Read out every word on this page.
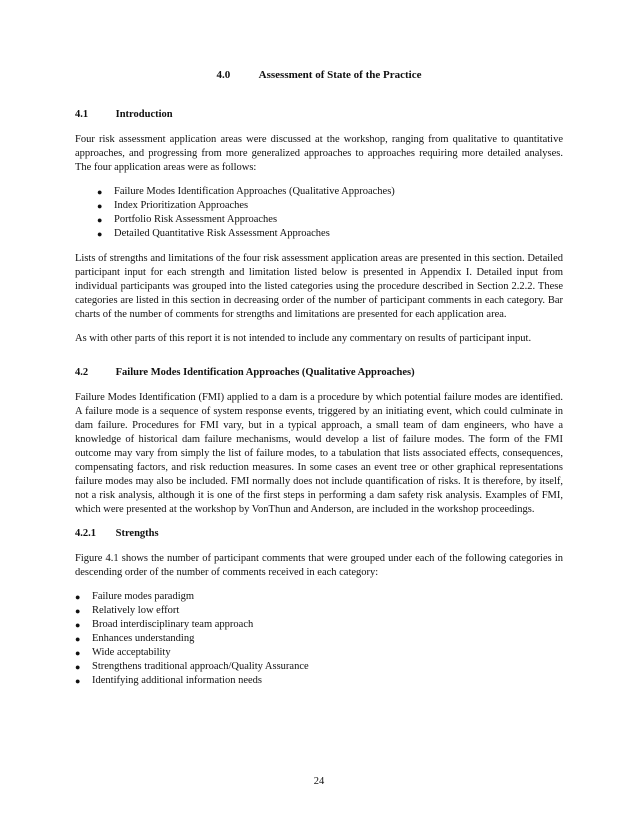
4.0	Assessment of State of the Practice
4.1	Introduction

Four risk assessment application areas were discussed at the workshop, ranging from qualitative to quantitative approaches, and progressing from more generalized approaches to approaches requiring more detailed analyses. The four application areas were as follows:

● Failure Modes Identification Approaches (Qualitative Approaches)
● Index Prioritization Approaches
● Portfolio Risk Assessment Approaches
● Detailed Quantitative Risk Assessment Approaches

Lists of strengths and limitations of the four risk assessment application areas are presented in this section. Detailed participant input for each strength and limitation listed below is presented in Appendix I. Detailed input from individual participants was grouped into the listed categories using the procedure described in Section 2.2.2. These categories are listed in this section in decreasing order of the number of participant comments in each category. Bar charts of the number of comments for strengths and limitations are presented for each application area.

As with other parts of this report it is not intended to include any commentary on results of participant input.

4.2	Failure Modes Identification Approaches (Qualitative Approaches)

Failure Modes Identification (FMI) applied to a dam is a procedure by which potential failure modes are identified. A failure mode is a sequence of system response events, triggered by an initiating event, which could culminate in dam failure. Procedures for FMI vary, but in a typical approach, a small team of dam engineers, who have a knowledge of historical dam failure mechanisms, would develop a list of failure modes. The form of the FMI outcome may vary from simply the list of failure modes, to a tabulation that lists associated effects, consequences, compensating factors, and risk reduction measures. In some cases an event tree or other graphical representations failure modes may also be included. FMI normally does not include quantification of risks. It is therefore, by itself, not a risk analysis, although it is one of the first steps in performing a dam safety risk analysis. Examples of FMI, which were presented at the workshop by VonThun and Anderson, are included in the workshop proceedings.

4.2.1 Strengths

Figure 4.1 shows the number of participant comments that were grouped under each of the following categories in descending order of the number of comments received in each category:

● Failure modes paradigm
● Relatively low effort
● Broad interdisciplinary team approach
● Enhances understanding
● Wide acceptability
● Strengthens traditional approach/Quality Assurance
● Identifying additional information needs
24
